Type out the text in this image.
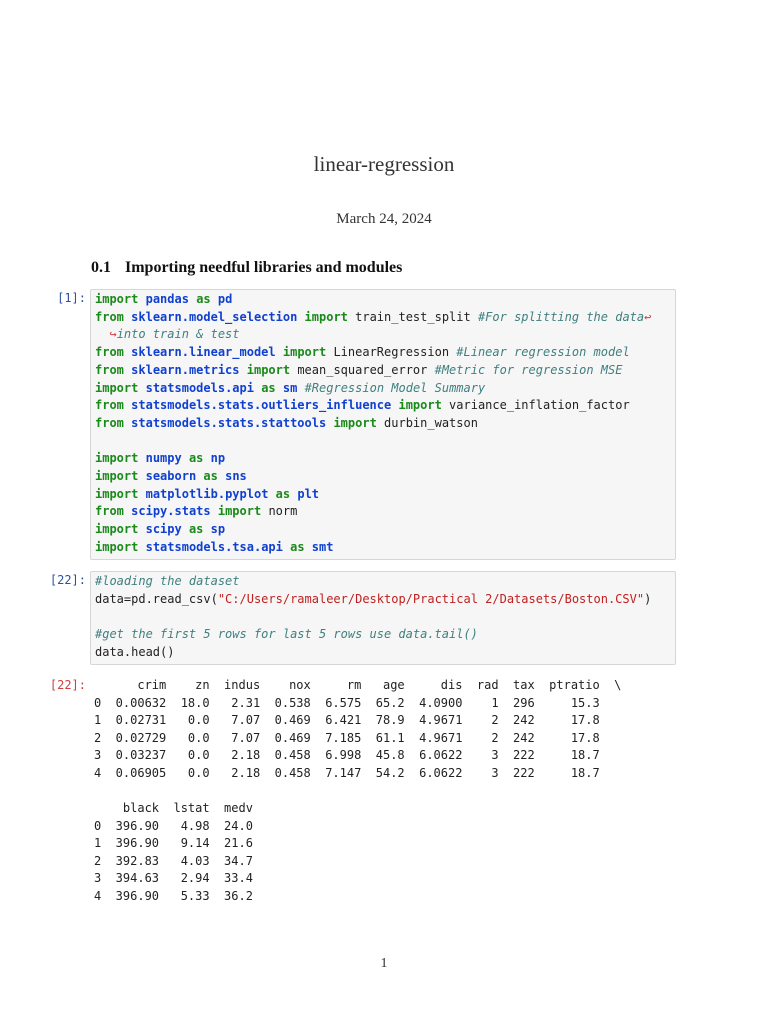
linear-regression
March 24, 2024
0.1 Importing needful libraries and modules
[1]: import pandas as pd
from sklearn.model_selection import train_test_split #For splitting the data↩
↪into train & test
from sklearn.linear_model import LinearRegression #Linear regression model
from sklearn.metrics import mean_squared_error #Metric for regression MSE
import statsmodels.api as sm #Regression Model Summary
from statsmodels.stats.outliers_influence import variance_inflation_factor
from statsmodels.stats.stattools import durbin_watson

import numpy as np
import seaborn as sns
import matplotlib.pyplot as plt
from scipy.stats import norm
import scipy as sp
import statsmodels.tsa.api as smt
[22]: #loading the dataset
data=pd.read_csv("C:/Users/ramaleer/Desktop/Practical 2/Datasets/Boston.CSV")

#get the first 5 rows for last 5 rows use data.tail()
data.head()
[22]: crim    zn  indus    nox     rm   age     dis  rad  tax  ptratio  \
0  0.00632  18.0   2.31  0.538  6.575  65.2  4.0900    1  296     15.3
1  0.02731   0.0   7.07  0.469  6.421  78.9  4.9671    2  242     17.8
2  0.02729   0.0   7.07  0.469  7.185  61.1  4.9671    2  242     17.8
3  0.03237   0.0   2.18  0.458  6.998  45.8  6.0622    3  222     18.7
4  0.06905   0.0   2.18  0.458  7.147  54.2  6.0622    3  222     18.7

black  lstat  medv
0  396.90   4.98  24.0
1  396.90   9.14  21.6
2  392.83   4.03  34.7
3  394.63   2.94  33.4
4  396.90   5.33  36.2

1
